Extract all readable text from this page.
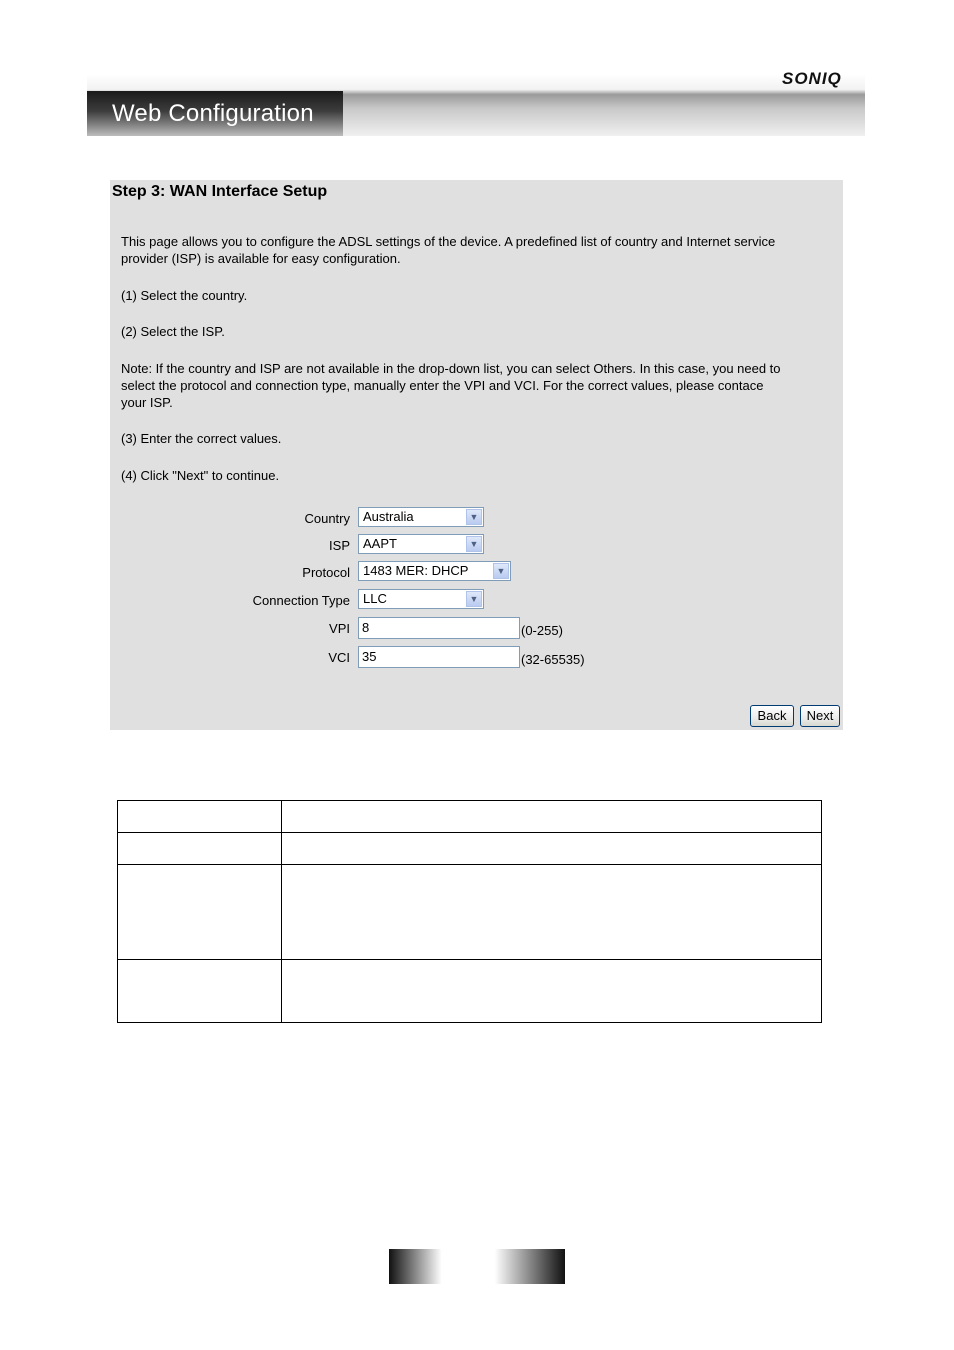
Web Configuration
SONIQ
Step 3: WAN Interface Setup
This page allows you to configure the ADSL settings of the device. A predefined list of country and Internet service provider (ISP) is available for easy configuration.
(1) Select the country.
(2) Select the ISP.
Note: If the country and ISP are not available in the drop-down list, you can select Others. In this case, you need to select the protocol and connection type, manually enter the VPI and VCI. For the correct values, please contace your ISP.
(3) Enter the correct values.
(4) Click "Next" to continue.
Country	Australia	▼
ISP	AAPT	▼
Protocol	1483 MER: DHCP	▼
Connection Type	LLC	▼
VPI 8	(0-255)
VCI 35	(32-65535)
Back	Next
